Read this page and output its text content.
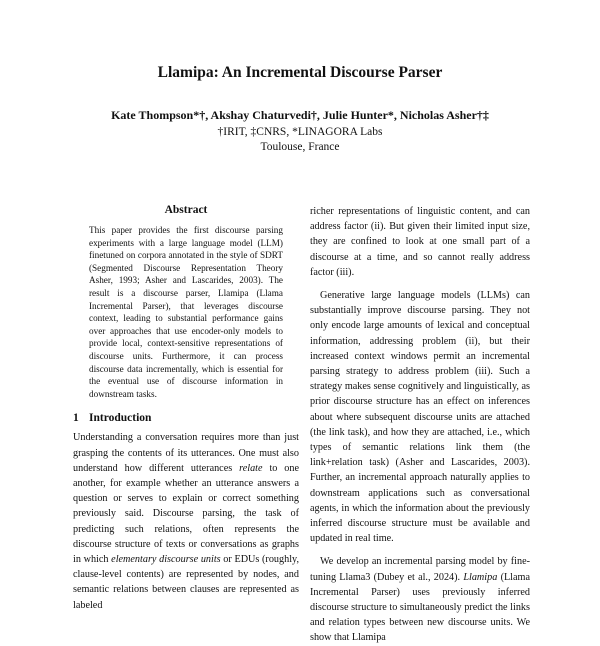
Llamipa: An Incremental Discourse Parser
Kate Thompson*†, Akshay Chaturvedi†, Julie Hunter*, Nicholas Asher†‡
†IRIT, ‡CNRS, *LINAGORA Labs
Toulouse, France
Abstract
This paper provides the first discourse parsing experiments with a large language model (LLM) finetuned on corpora annotated in the style of SDRT (Segmented Discourse Representation Theory Asher, 1993; Asher and Lascarides, 2003). The result is a discourse parser, Llamipa (Llama Incremental Parser), that leverages discourse context, leading to substantial performance gains over approaches that use encoder-only models to provide local, context-sensitive representations of discourse units. Furthermore, it can process discourse data incrementally, which is essential for the eventual use of discourse information in downstream tasks.
1 Introduction

Understanding a conversation requires more than just grasping the contents of its utterances. One must also understand how different utterances relate to one another, for example whether an utterance answers a question or serves to explain or correct something previously said. Discourse parsing, the task of predicting such relations, often represents the discourse structure of texts or conversations as graphs in which elementary discourse units or EDUs (roughly, clause-level contents) are represented by nodes, and semantic relations between clauses are represented as labeled

richer representations of linguistic content, and can address factor (ii). But given their limited input size, they are confined to look at one small part of a discourse at a time, and so cannot really address factor (iii).

Generative large language models (LLMs) can substantially improve discourse parsing. They not only encode large amounts of lexical and conceptual information, addressing problem (ii), but their increased context windows permit an incremental parsing strategy to address problem (iii). Such a strategy makes sense cognitively and linguistically, as prior discourse structure has an effect on inferences about where subsequent discourse units are attached (the link task), and how they are attached, i.e., which types of semantic relations link them (the link+relation task) (Asher and Lascarides, 2003). Further, an incremental approach naturally applies to downstream applications such as conversational agents, in which the information about the previously inferred discourse structure must be available and updated in real time.

We develop an incremental parsing model by fine-tuning Llama3 (Dubey et al., 2024). Llamipa (Llama Incremental Parser) uses previously inferred discourse structure to simultaneously predict the links and relation types between new discourse units. We show that Llamipa
